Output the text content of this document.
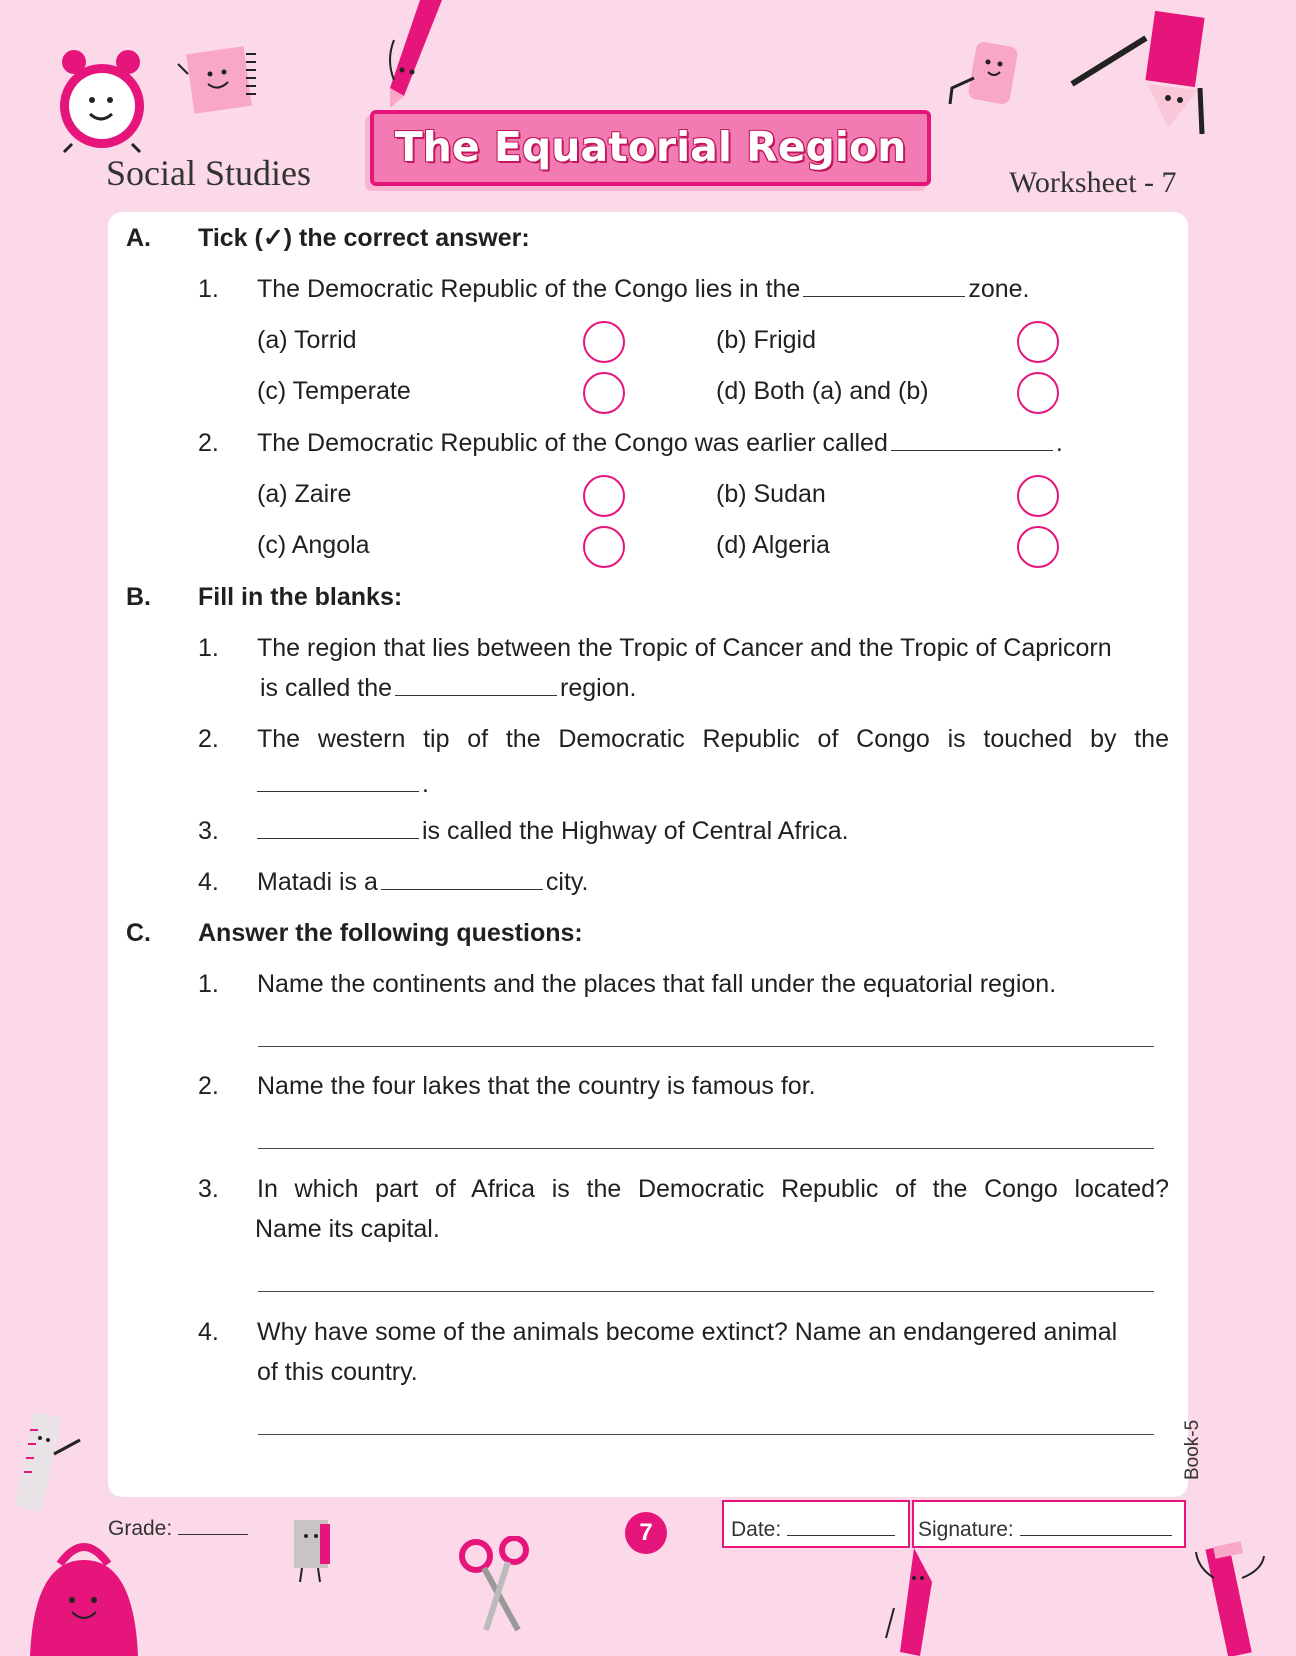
Social Studies
The Equatorial Region
Worksheet - 7
A. Tick (✓) the correct answer:
1. The Democratic Republic of the Congo lies in the	zone.
(a) Torrid	(b) Frigid
(c) Temperate	(d) Both (a) and (b)
2. The Democratic Republic of the Congo was earlier called	.
(a) Zaire	(b) Sudan
(c) Angola	(d) Algeria
B. Fill in the blanks:
1. The region that lies between the Tropic of Cancer and the Tropic of Capricorn
is called the	region.
2. The western tip of the Democratic Republic of Congo is touched by the
.
3.	is called the Highway of Central Africa.
4. Matadi is a	city.
C. Answer the following questions:
1. Name the continents and the places that fall under the equatorial region.
2. Name the four lakes that the country is famous for.
3. In which part of Africa is the Democratic Republic of the Congo located?
Name its capital.
4. Why have some of the animals become extinct? Name an endangered animal
of this country.
Book-5
Grade:	7	Date:	Signature:
